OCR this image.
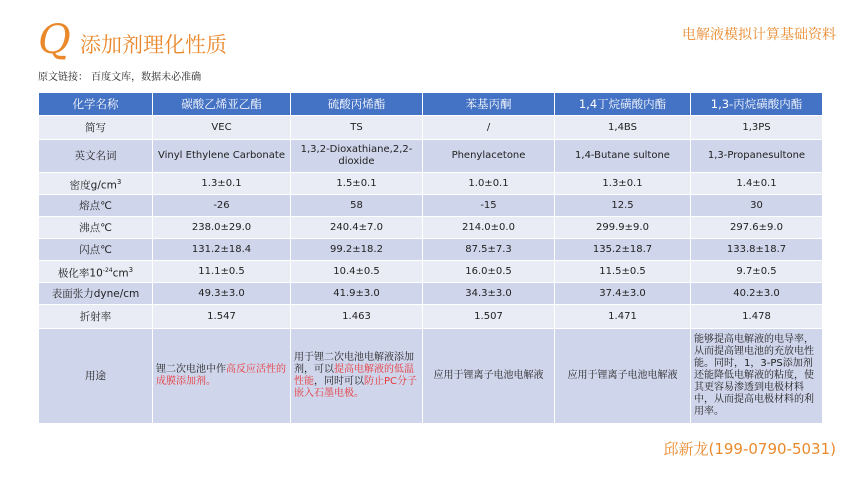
Q 添加剂理化性质	电解液模拟计算基础资料
原文链接： 百度文库，数据未必准确
化学名称	碳酸乙烯亚乙酯	硫酸丙烯酯	苯基丙酮	1,4丁烷磺酸内酯	1,3-丙烷磺酸内酯
简写	VEC	TS	/	1,4BS	1,3PS
英文名词	Vinyl Ethylene Carbonate	1,3,2-Dioxathiane,2,2-dioxide	Phenylacetone	1,4-Butane sultone	1,3-Propanesultone
密度$g/cm^3$	1.3±0.1	1.5±0.1	1.0±0.1	1.3±0.1	1.4±0.1
熔点℃	-26	58	-15	12.5	30
沸点℃	238.0±29.0	240.4±7.0	214.0±0.0	299.9±9.0	297.6±9.0
闪点℃	131.2±18.4	99.2±18.2	87.5±7.3	135.2±18.7	133.8±18.7
极化率$10^{-24}cm^3$	11.1±0.5	10.4±0.5	16.0±0.5	11.5±0.5	9.7±0.5
表面张力dyne/cm	49.3±3.0	41.9±3.0	34.3±3.0	37.4±3.0	40.2±3.0
折射率	1.547	1.463	1.507	1.471	1.478
用途	锂二次电池中作高反应活性的成膜添加剂。	用于锂二次电池电解液添加剂，可以提高电解液的低温性能，同时可以防止PC分子嵌入石墨电极。	应用于锂离子电池电解液	应用于锂离子电池电解液	能够提高电解液的电导率，从而提高锂电池的充放电性能。同时，1，3-PS添加剂还能降低电解液的粘度，使其更容易渗透到电极材料中，从而提高电极材料的利用率。
邱新龙(199-0790-5031)
